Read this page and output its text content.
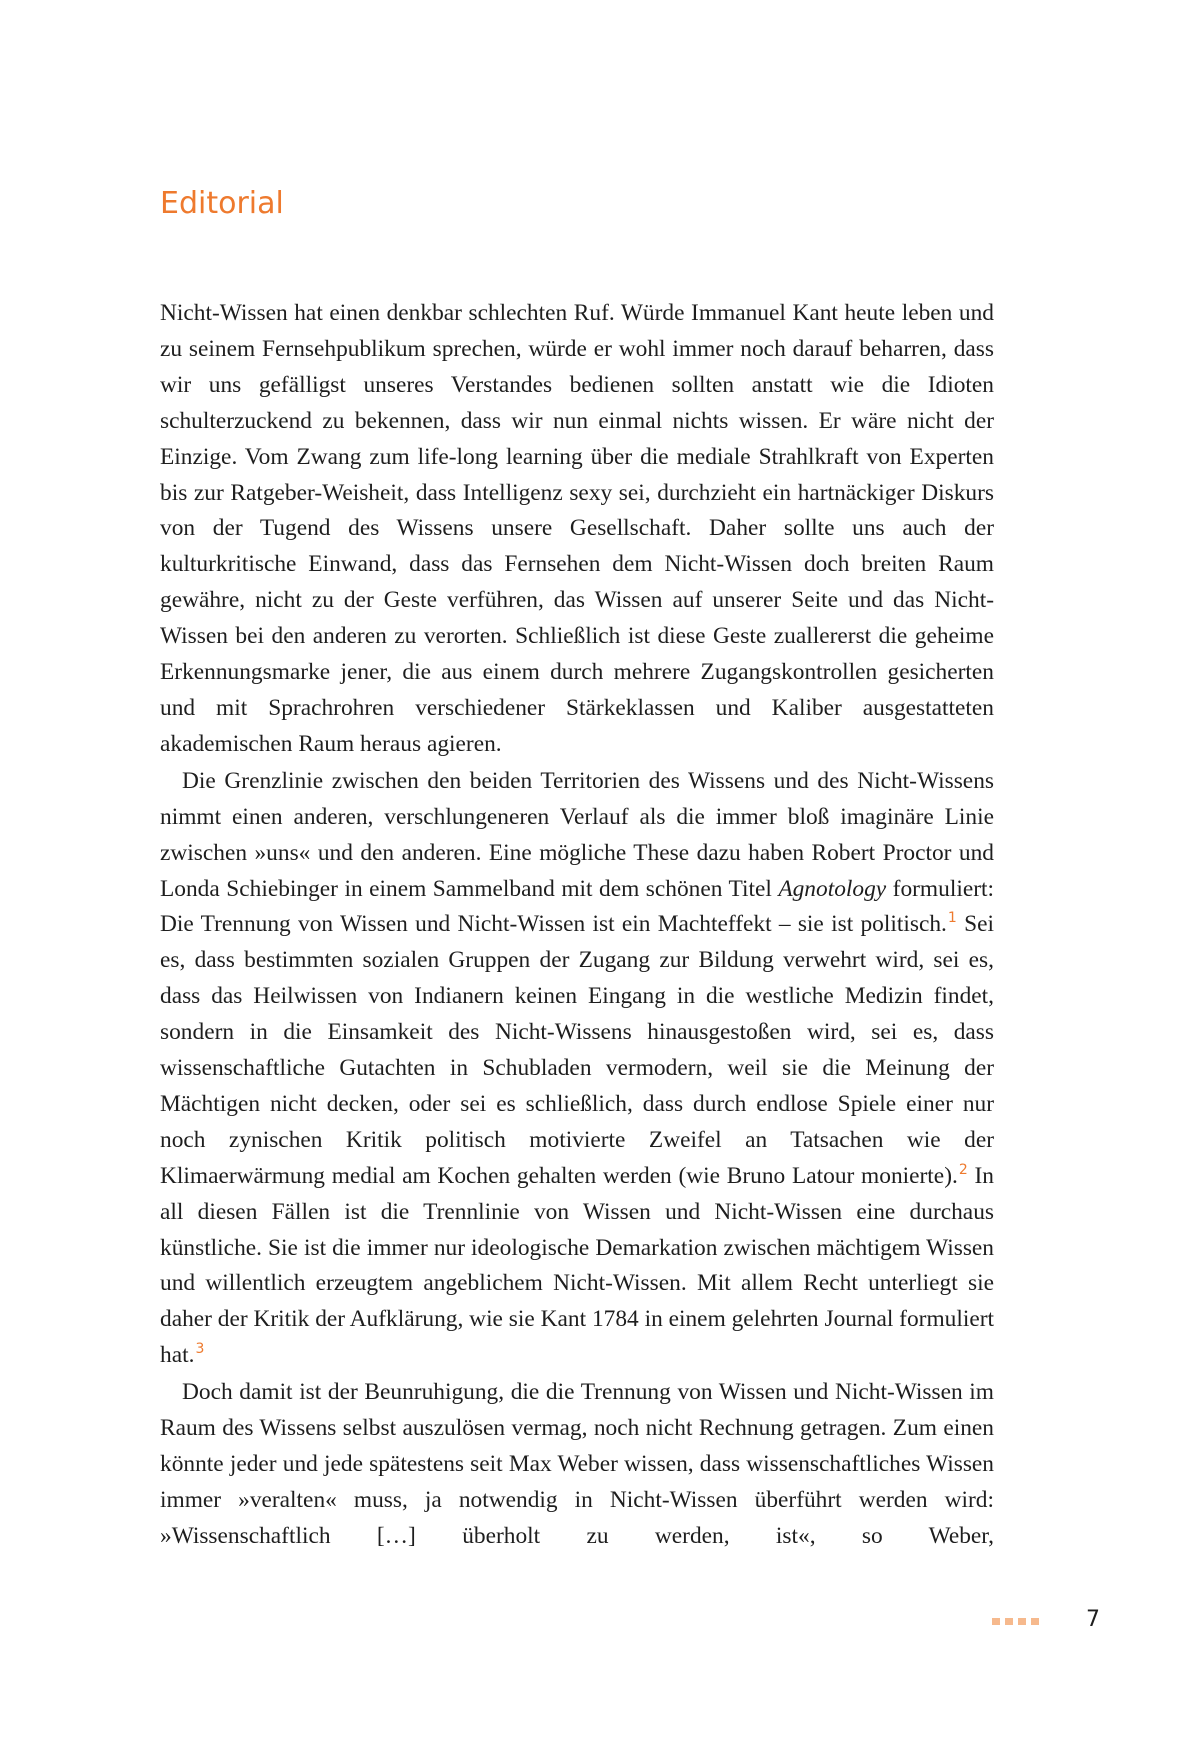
Editorial

Nicht-Wissen hat einen denkbar schlechten Ruf. Würde Immanuel Kant heute leben und zu seinem Fernsehpublikum sprechen, würde er wohl immer noch darauf beharren, dass wir uns gefälligst unseres Verstandes bedienen sollten anstatt wie die Idioten schulterzuckend zu bekennen, dass wir nun einmal nichts wissen. Er wäre nicht der Einzige. Vom Zwang zum life-long learning über die mediale Strahlkraft von Experten bis zur Ratgeber-Weisheit, dass Intelligenz sexy sei, durchzieht ein hartnäckiger Diskurs von der Tugend des Wissens unsere Gesellschaft. Daher sollte uns auch der kulturkritische Einwand, dass das Fernsehen dem Nicht-Wissen doch breiten Raum gewähre, nicht zu der Geste verführen, das Wissen auf unserer Seite und das Nicht-Wissen bei den anderen zu verorten. Schließlich ist diese Geste zuallererst die geheime Erkennungsmarke jener, die aus einem durch mehrere Zugangskontrollen gesicherten und mit Sprachrohren verschiedener Stärkeklassen und Kaliber ausgestatteten akademischen Raum heraus agieren.

Die Grenzlinie zwischen den beiden Territorien des Wissens und des Nicht-Wissens nimmt einen anderen, verschlungeneren Verlauf als die immer bloß imaginäre Linie zwischen »uns« und den anderen. Eine mögliche These dazu haben Robert Proctor und Londa Schiebinger in einem Sammelband mit dem schönen Titel Agnotology formuliert: Die Trennung von Wissen und Nicht-Wissen ist ein Machteffekt – sie ist politisch.$^1$ Sei es, dass bestimmten sozialen Gruppen der Zugang zur Bildung verwehrt wird, sei es, dass das Heilwissen von Indianern keinen Eingang in die westliche Medizin findet, sondern in die Einsamkeit des Nicht-Wissens hinausgestoßen wird, sei es, dass wissenschaftliche Gutachten in Schubladen vermodern, weil sie die Meinung der Mächtigen nicht decken, oder sei es schließlich, dass durch endlose Spiele einer nur noch zynischen Kritik politisch motivierte Zweifel an Tatsachen wie der Klimaerwärmung medial am Kochen gehalten werden (wie Bruno Latour monierte).$^2$ In all diesen Fällen ist die Trennlinie von Wissen und Nicht-Wissen eine durchaus künstliche. Sie ist die immer nur ideologische Demarkation zwischen mächtigem Wissen und willentlich erzeugtem angeblichem Nicht-Wissen. Mit allem Recht unterliegt sie daher der Kritik der Aufklärung, wie sie Kant 1784 in einem gelehrten Journal formuliert hat.$^3$

Doch damit ist der Beunruhigung, die die Trennung von Wissen und Nicht-Wissen im Raum des Wissens selbst auszulösen vermag, noch nicht Rechnung getragen. Zum einen könnte jeder und jede spätestens seit Max Weber wissen, dass wissenschaftliches Wissen immer »veralten« muss, ja notwendig in Nicht-Wissen überführt werden wird: »Wissenschaftlich […] überholt zu werden, ist«, so Weber,

7
